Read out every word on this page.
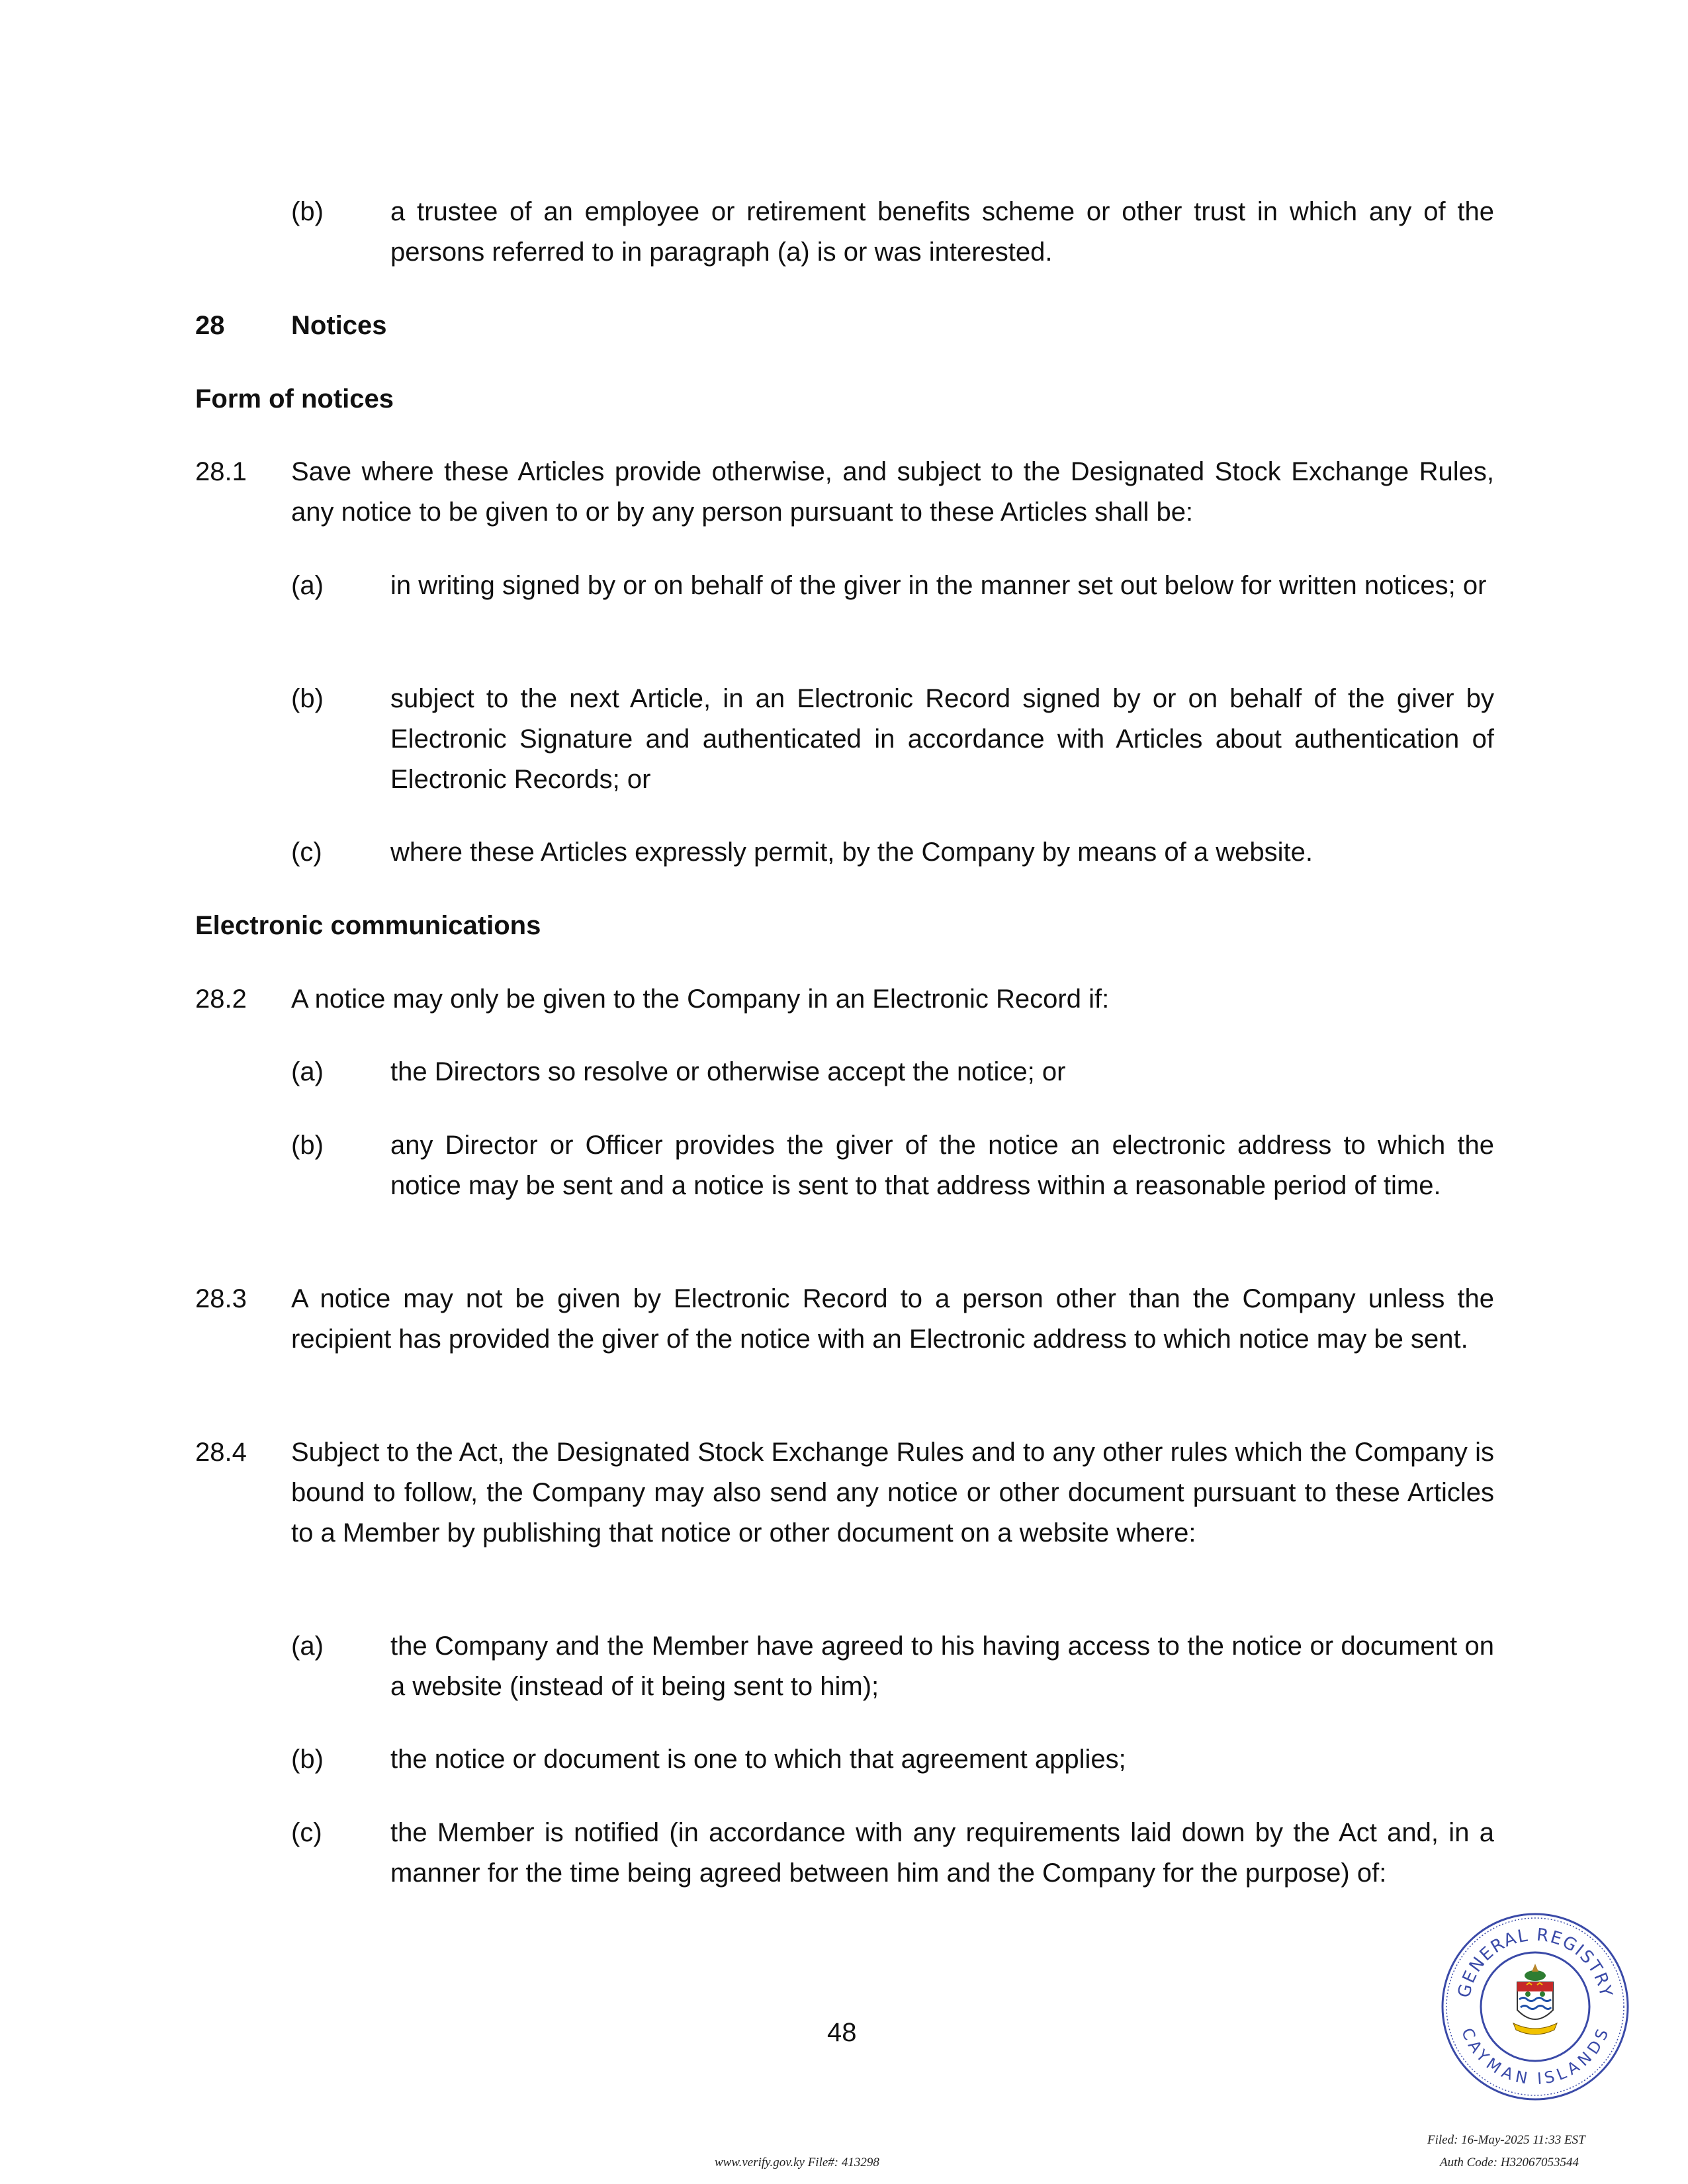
(b)	a trustee of an employee or retirement benefits scheme or other trust in which any of the persons referred to in paragraph (a) is or was interested.

28	Notices
Form of notices
28.1 Save where these Articles provide otherwise, and subject to the Designated Stock Exchange Rules, any notice to be given to or by any person pursuant to these Articles shall be:

(a)	in writing signed by or on behalf of the giver in the manner set out below for written notices; or

(b)	subject to the next Article, in an Electronic Record signed by or on behalf of the giver by Electronic Signature and authenticated in accordance with Articles about authentication of Electronic Records; or

(c)	where these Articles expressly permit, by the Company by means of a website.

Electronic communications
28.2 A notice may only be given to the Company in an Electronic Record if:

(a)	the Directors so resolve or otherwise accept the notice; or

(b)	any Director or Officer provides the giver of the notice an electronic address to which the notice may be sent and a notice is sent to that address within a reasonable period of time.

28.3 A notice may not be given by Electronic Record to a person other than the Company unless the recipient has provided the giver of the notice with an Electronic address to which notice may be sent.

28.4 Subject to the Act, the Designated Stock Exchange Rules and to any other rules which the Company is bound to follow, the Company may also send any notice or other document pursuant to these Articles to a Member by publishing that notice or other document on a website where:

(a)	the Company and the Member have agreed to his having access to the notice or document on a website (instead of it being sent to him);

(b)	the notice or document is one to which that agreement applies;

(c)	the Member is notified (in accordance with any requirements laid down by the Act and, in a manner for the time being agreed between him and the Company for the purpose) of:

48
GENERAL REGISTRY
CAYMAN ISLANDS
www.verify.gov.ky File#: 413298
Filed: 16-May-2025 11:33 EST
Auth Code: H32067053544
